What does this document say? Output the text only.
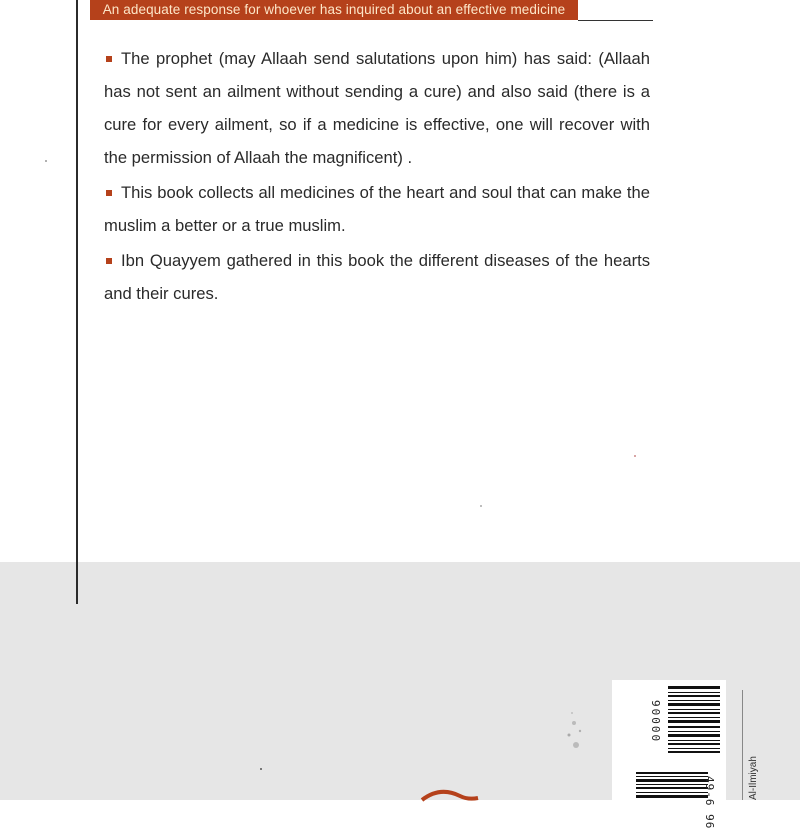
An adequate response for whoever has inquired about an effective medicine

The prophet (may Allaah send salutations upon him) has said: (Allaah has not sent an ailment without sending a cure) and also said (there is a cure for every ailment, so if a medicine is effective, one will recover with the permission of Allaah the magnificent) .

This book collects all medicines of the heart and soul that can make the muslim a better or a true muslim.

Ibn Quayyem gathered in this book the different diseases of the hearts and their cures.

90000
49-6 96
Al-Ilmiyah
